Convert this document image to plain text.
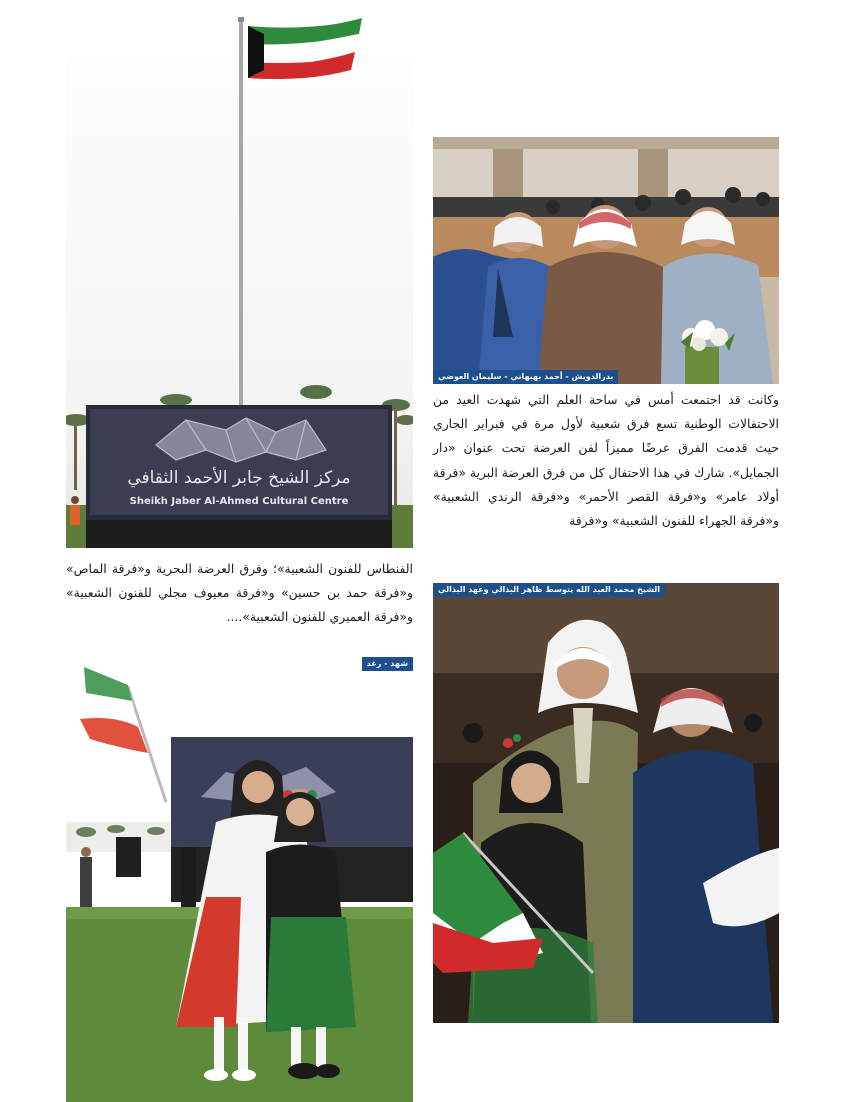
مركز الشيخ جابر الأحمد الثقافي
Sheikh Jaber Al-Ahmed Cultural Centre
بدرالدويش - أحمد بهبهاني - سليمان العوضي

وكانت قد اجتمعت أمس في ساحة العلم التي شهدت العيد من الاحتفالات الوطنية تسع فرق شعبية لأول مرة في فبراير الجاري حيث قدمت الفرق عرضًا مميزاً لفن العرضة تحت عنوان «دار الجمايل». شارك في هذا الاحتفال كل من فرق العرضة البرية «فرقة أولاد عامر» و«فرقة القصر الأحمر» و«فرقة الرندي الشعبية» و«فرقة الجهراء للفنون الشعبية» و«فرقة

الفنطاس للفنون الشعبية»؛ وفرق العرضة البحرية و«فرقة الماص» و«فرقة حمد بن حسين» و«فرقة معيوف مجلي للفنون الشعبية» و«فرقة العميري للفنون الشعبية»....

الشيخ محمد العبد الله يتوسط ظاهر البذالي وعهد البذالي
شهد - رغد
